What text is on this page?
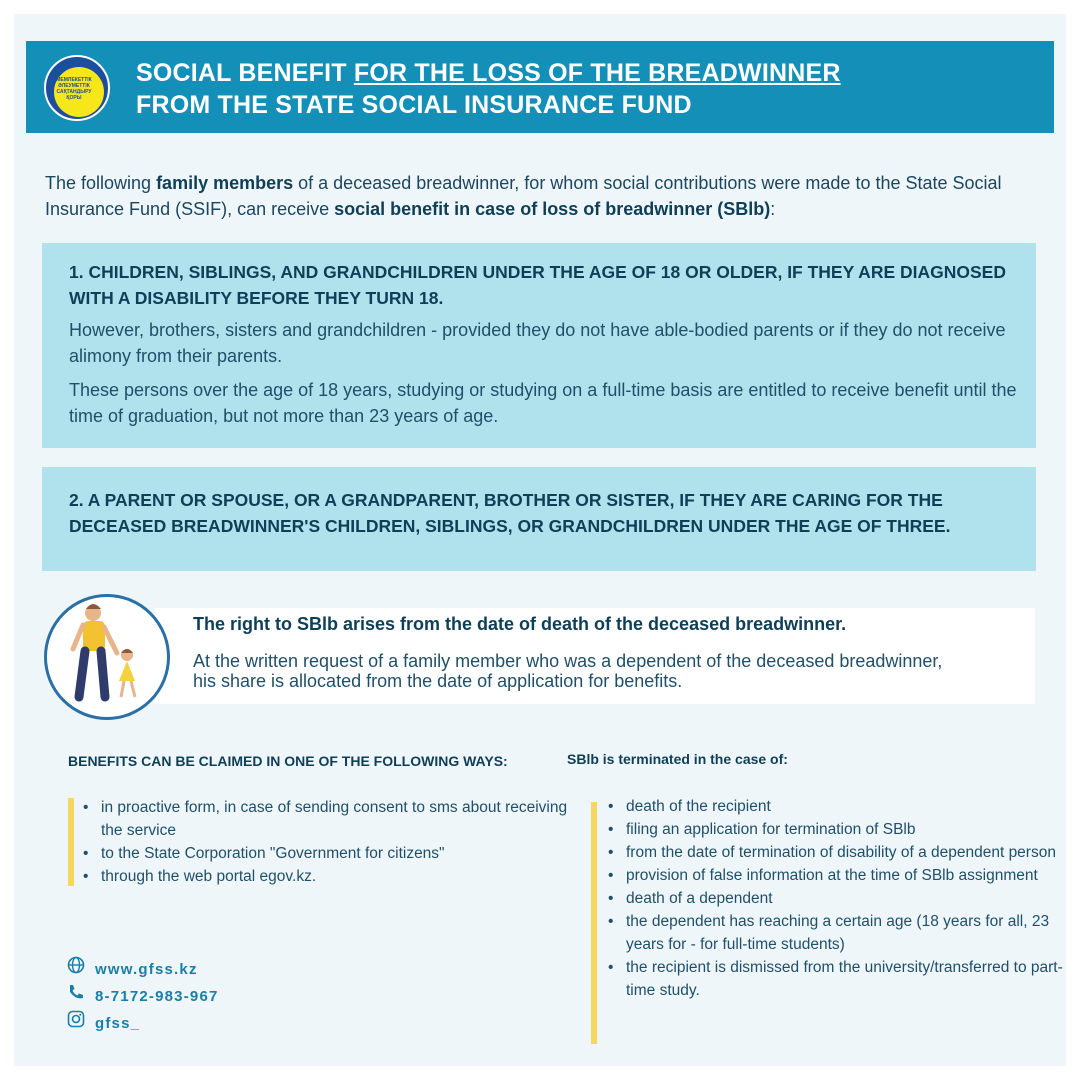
МЕМЛЕКЕТТІК ӘЛЕУМЕТТІК САҚТАНДЫРУ ҚОРЫ
SOCIAL BENEFIT FOR THE LOSS OF THE BREADWINNER
FROM THE STATE SOCIAL INSURANCE FUND
The following family members of a deceased breadwinner, for whom social contributions were made to the State Social Insurance Fund (SSIF), can receive social benefit in case of loss of breadwinner (SBlb):
1. CHILDREN, SIBLINGS, AND GRANDCHILDREN UNDER THE AGE OF 18 OR OLDER, IF THEY ARE DIAGNOSED WITH A DISABILITY BEFORE THEY TURN 18.

However, brothers, sisters and grandchildren - provided they do not have able-bodied parents or if they do not receive alimony from their parents.

These persons over the age of 18 years, studying or studying on a full-time basis are entitled to receive benefit until the time of graduation, but not more than 23 years of age.

2. A PARENT OR SPOUSE, OR A GRANDPARENT, BROTHER OR SISTER, IF THEY ARE CARING FOR THE DECEASED BREADWINNER'S CHILDREN, SIBLINGS, OR GRANDCHILDREN UNDER THE AGE OF THREE.
The right to SBlb arises from the date of death of the deceased breadwinner.

At the written request of a family member who was a dependent of the deceased breadwinner, his share is allocated from the date of application for benefits.

BENEFITS CAN BE CLAIMED IN ONE OF THE FOLLOWING WAYS:
• in proactive form, in case of sending consent to sms about receiving the service
• to the State Corporation "Government for citizens"
• through the web portal egov.kz.
SBlb is terminated in the case of:
• death of the recipient
• filing an application for termination of SBlb
• from the date of termination of disability of a dependent person
• provision of false information at the time of SBlb assignment
• death of a dependent
• the dependent has reaching a certain age (18 years for all, 23 years for - for full-time students)
• the recipient is dismissed from the university/transferred to part-time study.
www.gfss.kz
8-7172-983-967
gfss_
